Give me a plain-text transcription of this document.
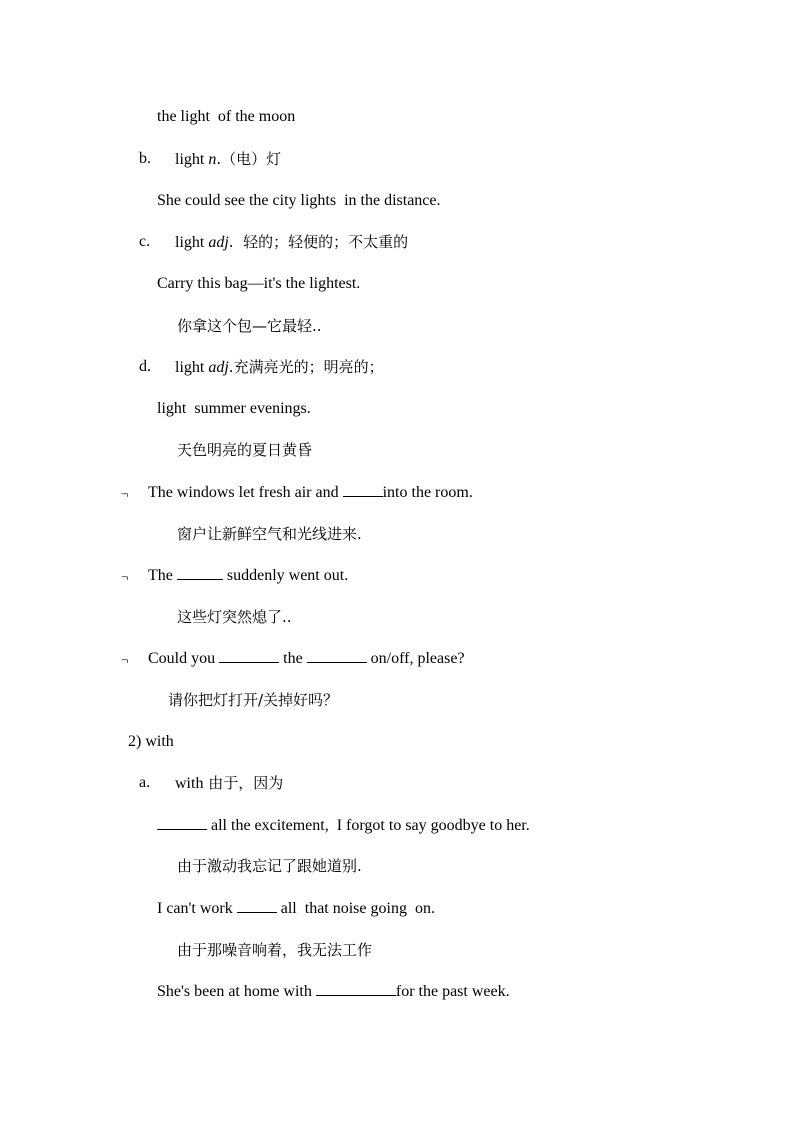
the light  of the moon
b. light n.（电）灯
She could see the city lights  in the distance.
c. light adj.  轻的；轻便的；不太重的
Carry this bag—it's the lightest.
你拿这个包—它最轻..
d. light adj.充满亮光的；明亮的；
light  summer evenings.
天色明亮的夏日黄昏
¬ The windows let fresh air and	into the room.
窗户让新鲜空气和光线进来.
¬ The	suddenly went out.
这些灯突然熄了..
¬ Could you	the	on/off, please?
请你把灯打开/关掉好吗？
2) with
a. with 由于，因为
all the excitement,  I forgot to say goodbye to her.
由于激动我忘记了跟她道别.
I can't work	all  that noise going  on.
由于那噪音响着，我无法工作
She's been at home with	for the past week.
